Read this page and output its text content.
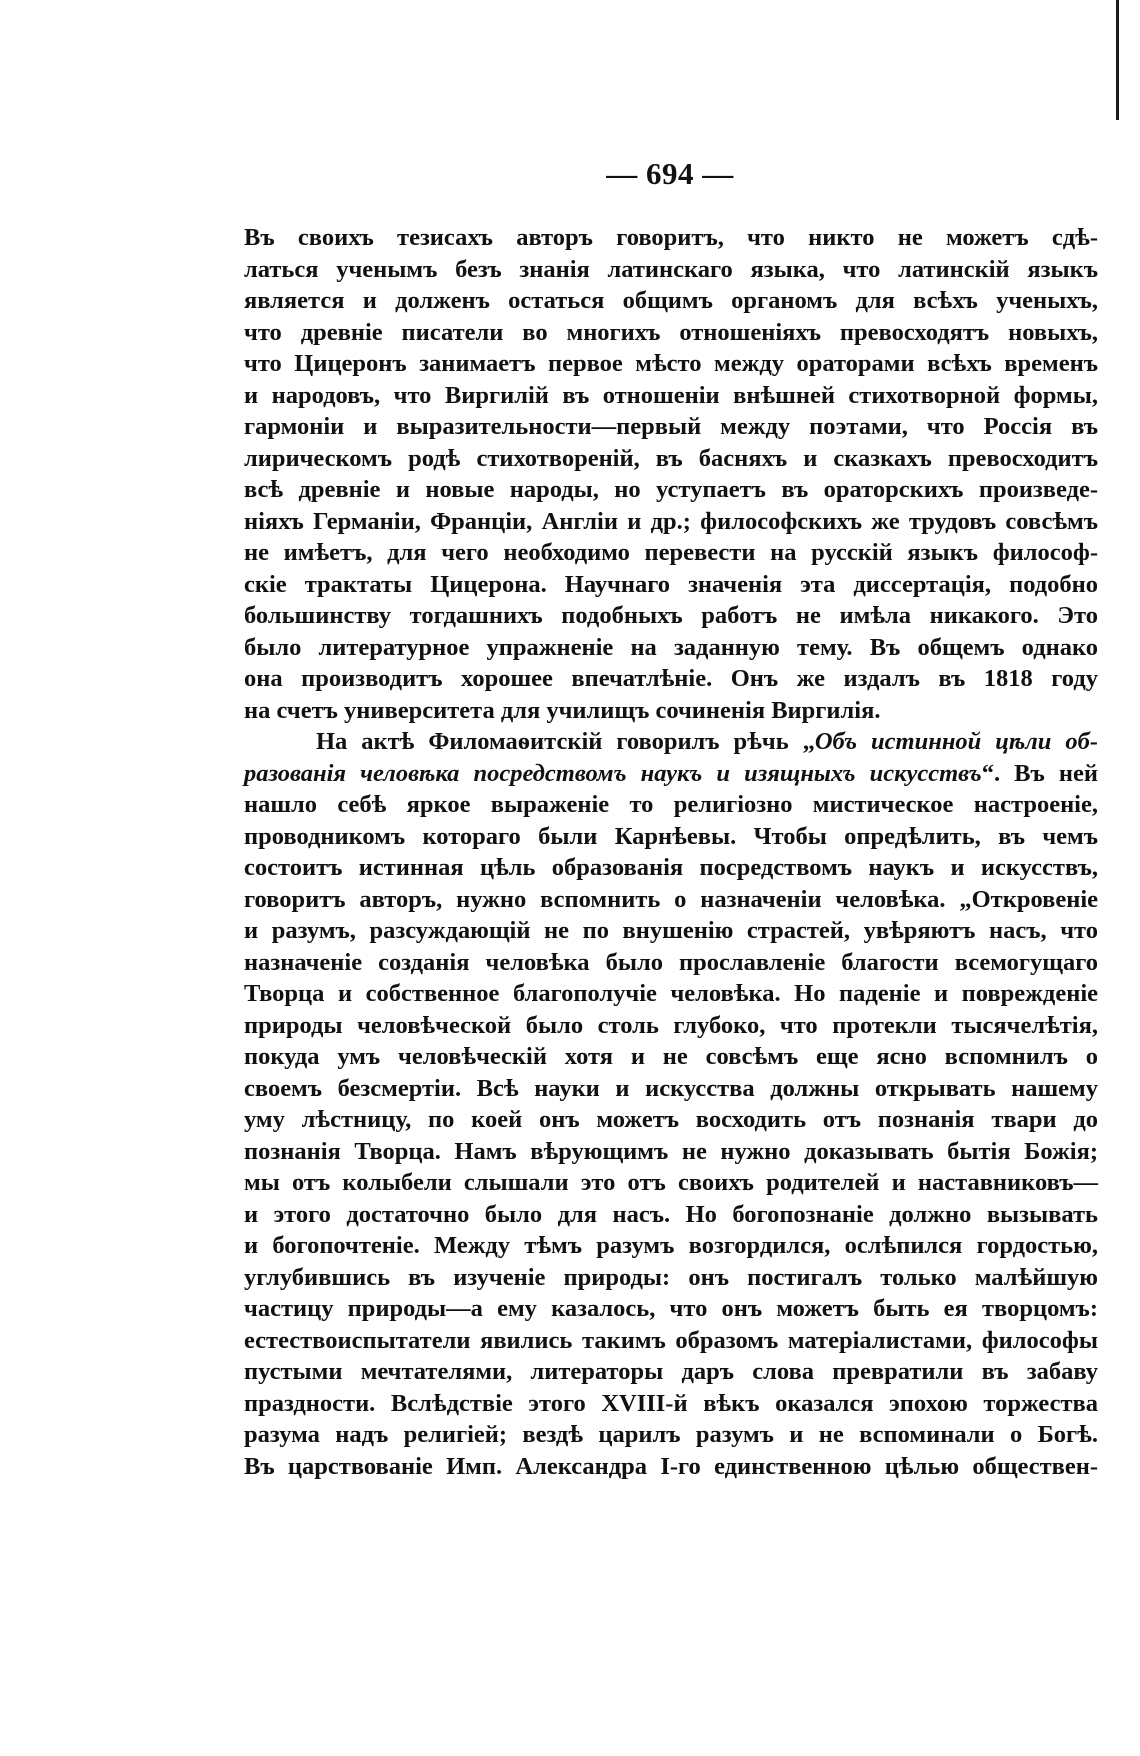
— 694 —
Въ своихъ тезисахъ авторъ говоритъ, что никто не можетъ сдѣ-
латься ученымъ безъ знанія латинскаго языка, что латинскій языкъ
является и долженъ остаться общимъ органомъ для всѣхъ ученыхъ,
что древніе писатели во многихъ отношеніяхъ превосходятъ новыхъ,
что Цицеронъ занимаетъ первое мѣсто между ораторами всѣхъ временъ
и народовъ, что Виргилій въ отношеніи внѣшней стихотворной формы,
гармоніи и выразительности—первый между поэтами, что Россія въ
лирическомъ родѣ стихотвореній, въ басняхъ и сказкахъ превосходитъ
всѣ древніе и новые народы, но уступаетъ въ ораторскихъ произведе-
ніяхъ Германіи, Франціи, Англіи и др.; философскихъ же трудовъ совсѣмъ
не имѣетъ, для чего необходимо перевести на русскій языкъ философ-
скіе трактаты Цицерона. Научнаго значенія эта диссертація, подобно
большинству тогдашнихъ подобныхъ работъ не имѣла никакого. Это
было литературное упражненіе на заданную тему. Въ общемъ однако
она производитъ хорошее впечатлѣніе. Онъ же издалъ въ 1818 году
на счетъ университета для училищъ сочиненія Виргилія.
На актѣ Филомаѳитскій говорилъ рѣчь „Объ истинной цѣли об-
разованія человѣка посредствомъ наукъ и изящныхъ искусствъ“. Въ ней
нашло себѣ яркое выраженіе то религіозно мистическое настроеніе,
проводникомъ котораго были Карнѣевы. Чтобы опредѣлить, въ чемъ
состоитъ истинная цѣль образованія посредствомъ наукъ и искусствъ,
говоритъ авторъ, нужно вспомнить о назначеніи человѣка. „Откровеніе
и разумъ, разсуждающій не по внушенію страстей, увѣряютъ насъ, что
назначеніе созданія человѣка было прославленіе благости всемогущаго
Творца и собственное благополучіе человѣка. Но паденіе и поврежденіе
природы человѣческой было столь глубоко, что протекли тысячелѣтія,
покуда умъ человѣческій хотя и не совсѣмъ еще ясно вспомнилъ о
своемъ безсмертіи. Всѣ науки и искусства должны открывать нашему
уму лѣстницу, по коей онъ можетъ восходить отъ познанія твари до
познанія Творца. Намъ вѣрующимъ не нужно доказывать бытія Божія;
мы отъ колыбели слышали это отъ своихъ родителей и наставниковъ—
и этого достаточно было для насъ. Но богопознаніе должно вызывать
и богопочтеніе. Между тѣмъ разумъ возгордился, ослѣпился гордостью,
углубившись въ изученіе природы: онъ постигалъ только малѣйшую
частицу природы—а ему казалось, что онъ можетъ быть ея творцомъ:
естествоиспытатели явились такимъ образомъ матеріалистами, философы
пустыми мечтателями, литераторы даръ слова превратили въ забаву
праздности. Вслѣдствіе этого XVIII-й вѣкъ оказался эпохою торжества
разума надъ религіей; вездѣ царилъ разумъ и не вспоминали о Богѣ.
Въ царствованіе Имп. Александра I-го единственною цѣлью обществен-
